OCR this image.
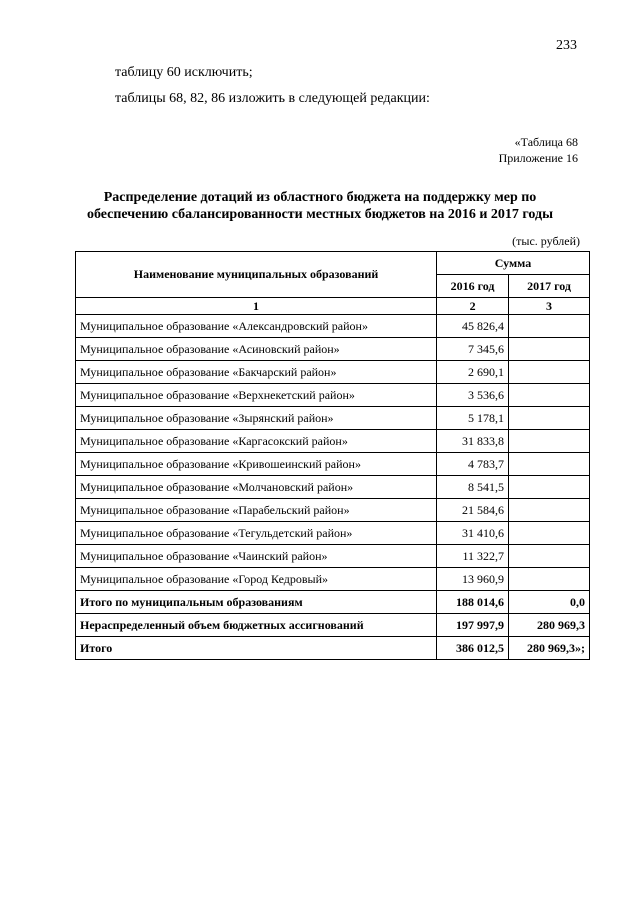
233
таблицу 60 исключить;
таблицы 68, 82, 86 изложить в следующей редакции:
«Таблица 68
Приложение 16
Распределение дотаций из областного бюджета на поддержку мер по
обеспечению сбалансированности местных бюджетов на 2016 и 2017 годы
(тыс. рублей)
Наименование муниципальных образований	Сумма	
	2016 год	2017 год
1	2	3
Муниципальное образование «Александровский район»	45 826,4	
Муниципальное образование «Асиновский район»	7 345,6	
Муниципальное образование «Бакчарский район»	2 690,1	
Муниципальное образование «Верхнекетский район»	3 536,6	
Муниципальное образование «Зырянский район»	5 178,1	
Муниципальное образование «Каргасокский район»	31 833,8	
Муниципальное образование «Кривошеинский район»	4 783,7	
Муниципальное образование «Молчановский район»	8 541,5	
Муниципальное образование «Парабельский район»	21 584,6	
Муниципальное образование «Тегульдетский район»	31 410,6	
Муниципальное образование «Чаинский район»	11 322,7	
Муниципальное образование «Город Кедровый»	13 960,9	
Итого по муниципальным образованиям	188 014,6	0,0
Нераспределенный объем бюджетных ассигнований	197 997,9	280 969,3
Итого	386 012,5	280 969,3»;
